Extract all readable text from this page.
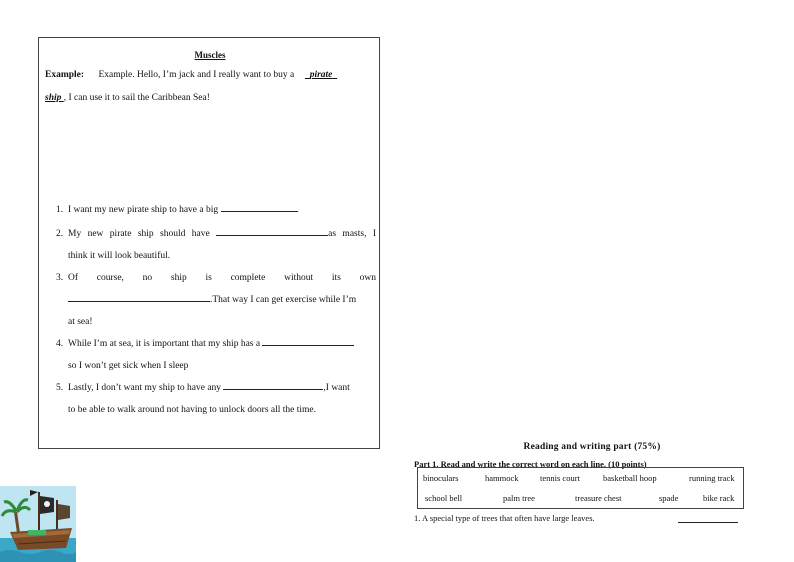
Muscles
Example: Example. Hello, I’m jack and I really want to buy a pirate
ship , I can use it to sail the Caribbean Sea!
1. I want my new pirate ship to have a big	.
2. My new pirate ship should have	as masts, I
think it will look beautiful.
3. Of course, no ship is complete without its own
.That way I can get exercise while I’m
at sea!
4. While I’m at sea, it is important that my ship has a
so I won’t get sick when I sleep
5. Lastly, I don’t want my ship to have any	,I want
to be able to walk around not having to unlock doors all the time.
Reading and writing part (75%)
Part 1. Read and write the correct word on each line. (10 points)
binoculars	hammock	tennis court	basketball hoop	running track
school bell	palm tree	treasure chest	spade	bike rack
1. A special type of trees that often have large leaves.
